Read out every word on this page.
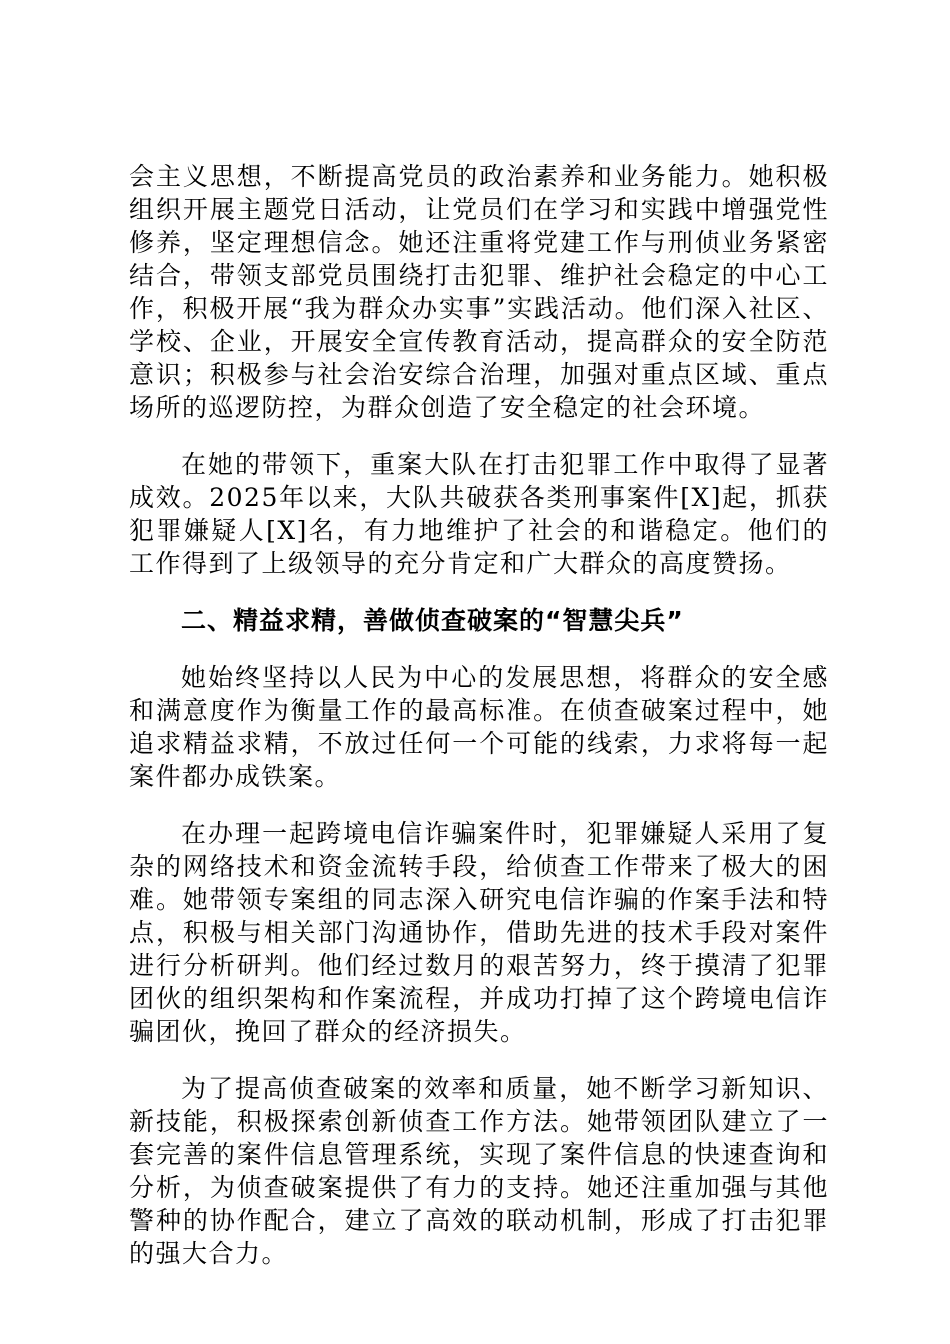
会主义思想，不断提高党员的政治素养和业务能力。她积极组织开展主题党日活动，让党员们在学习和实践中增强党性修养，坚定理想信念。她还注重将党建工作与刑侦业务紧密结合，带领支部党员围绕打击犯罪、维护社会稳定的中心工作，积极开展“我为群众办实事”实践活动。他们深入社区、学校、企业，开展安全宣传教育活动，提高群众的安全防范意识；积极参与社会治安综合治理，加强对重点区域、重点场所的巡逻防控，为群众创造了安全稳定的社会环境。

在她的带领下，重案大队在打击犯罪工作中取得了显著成效。2025年以来，大队共破获各类刑事案件[X]起，抓获犯罪嫌疑人[X]名，有力地维护了社会的和谐稳定。他们的工作得到了上级领导的充分肯定和广大群众的高度赞扬。

二、精益求精，善做侦查破案的“智慧尖兵”

她始终坚持以人民为中心的发展思想，将群众的安全感和满意度作为衡量工作的最高标准。在侦查破案过程中，她追求精益求精，不放过任何一个可能的线索，力求将每一起案件都办成铁案。

在办理一起跨境电信诈骗案件时，犯罪嫌疑人采用了复杂的网络技术和资金流转手段，给侦查工作带来了极大的困难。她带领专案组的同志深入研究电信诈骗的作案手法和特点，积极与相关部门沟通协作，借助先进的技术手段对案件进行分析研判。他们经过数月的艰苦努力，终于摸清了犯罪团伙的组织架构和作案流程，并成功打掉了这个跨境电信诈骗团伙，挽回了群众的经济损失。

为了提高侦查破案的效率和质量，她不断学习新知识、新技能，积极探索创新侦查工作方法。她带领团队建立了一套完善的案件信息管理系统，实现了案件信息的快速查询和分析，为侦查破案提供了有力的支持。她还注重加强与其他警种的协作配合，建立了高效的联动机制，形成了打击犯罪的强大合力。
